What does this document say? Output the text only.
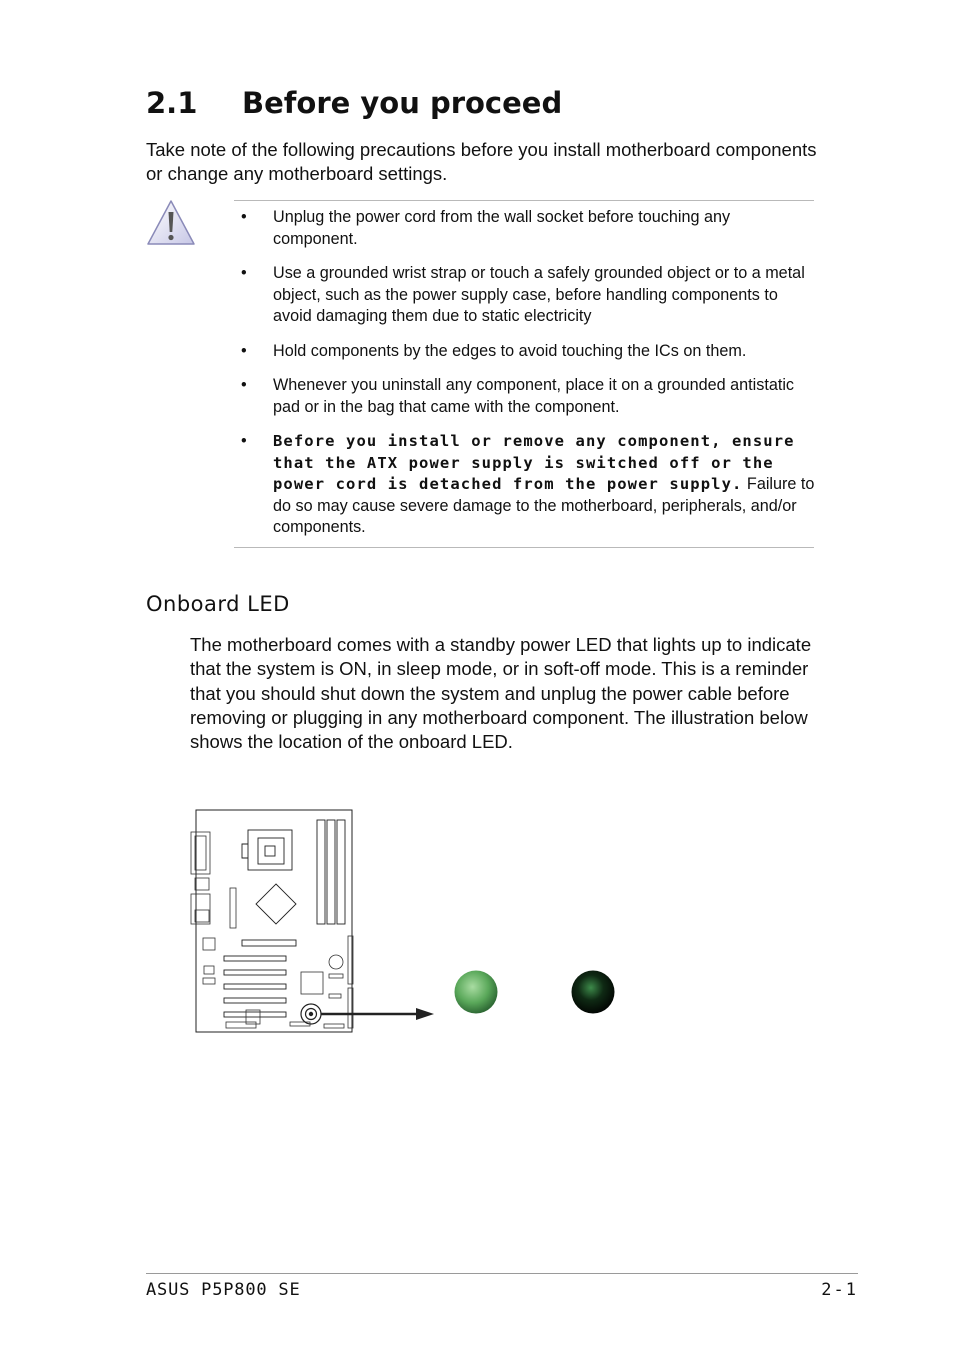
2.1 Before you proceed
Take note of the following precautions before you install motherboard components or change any motherboard settings.
• Unplug the power cord from the wall socket before touching any component.
• Use a grounded wrist strap or touch a safely grounded object or to a metal object, such as the power supply case, before handling components to avoid damaging them due to static electricity
• Hold components by the edges to avoid touching the ICs on them.
• Whenever you uninstall any component, place it on a grounded antistatic pad or in the bag that came with the component.
• Before you install or remove any component, ensure that the ATX power supply is switched off or the power cord is detached from the power supply. Failure to do so may cause severe damage to the motherboard, peripherals, and/or components.
Onboard LED
The motherboard comes with a standby power LED that lights up to indicate that the system is ON, in sleep mode, or in soft-off mode. This is a reminder that you should shut down the system and unplug the power cable before removing or plugging in any motherboard component. The illustration below shows the location of the onboard LED.
ASUS P5P800 SE	2-1
